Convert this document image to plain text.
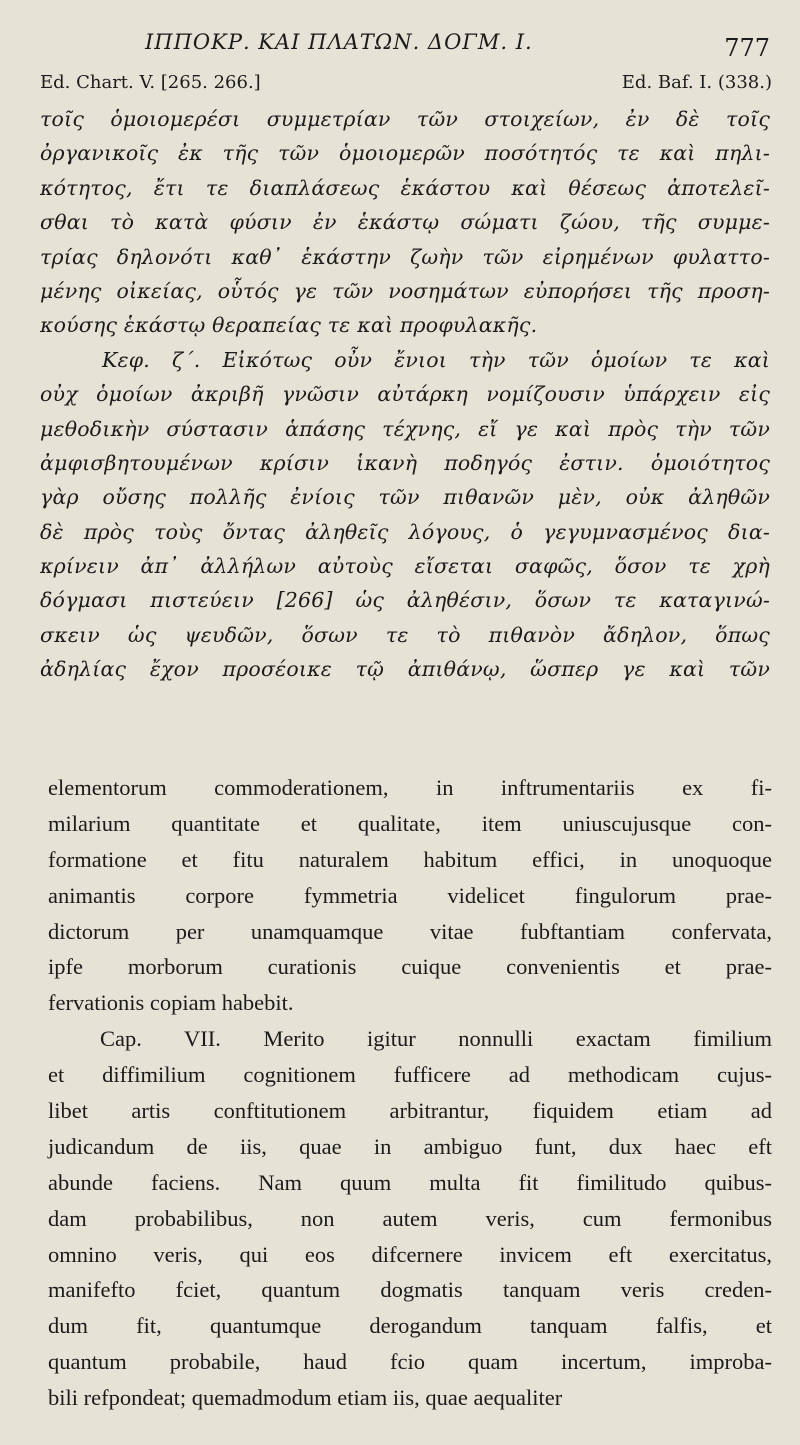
ΙΠΠΟΚΡ. ΚΑΙ ΠΛΑΤΩΝ. ΔΟΓΜ. Ι.	777
Ed. Chart. V. [265. 266.]	Ed. Baf. I. (338.)
τοῖς ὁμοιομερέσι συμμετρίαν τῶν στοιχείων, ἐν δὲ τοῖς
ὀργανικοῖς ἐκ τῆς τῶν ὁμοιομερῶν ποσότητός τε καὶ πηλι-
κότητος, ἔτι τε διαπλάσεως ἑκάστου καὶ θέσεως ἀποτελεῖ-
σθαι τὸ κατὰ φύσιν ἐν ἑκάστῳ σώματι ζώου, τῆς συμμε-
τρίας δηλονότι καθ᾿ ἑκάστην ζωὴν τῶν εἰρημένων φυλαττο-
μένης οἰκείας, οὗτός γε τῶν νοσημάτων εὐπορήσει τῆς προση-
κούσης ἑκάστῳ θεραπείας τε καὶ προφυλακῆς.
Κεφ. ζ΄. Εἰκότως οὖν ἔνιοι τὴν τῶν ὁμοίων τε καὶ
οὐχ ὁμοίων ἀκριβῆ γνῶσιν αὐτάρκη νομίζουσιν ὑπάρχειν εἰς
μεθοδικὴν σύστασιν ἁπάσης τέχνης, εἴ γε καὶ πρὸς τὴν τῶν
ἀμφισβητουμένων κρίσιν ἱκανὴ ποδηγός ἐστιν. ὁμοιότητος
γὰρ οὔσης πολλῆς ἐνίοις τῶν πιθανῶν μὲν, οὐκ ἀληθῶν
δὲ πρὸς τοὺς ὄντας ἀληθεῖς λόγους, ὁ γεγυμνασμένος δια-
κρίνειν ἀπ᾿ ἀλλήλων αὐτοὺς εἴσεται σαφῶς, ὅσον τε χρὴ
δόγμασι πιστεύειν [266] ὡς ἀληθέσιν, ὅσων τε καταγινώ-
σκειν ὡς ψευδῶν, ὅσων τε τὸ πιθανὸν ἄδηλον, ὅπως
ἀδηλίας ἔχον προσέοικε τῷ ἀπιθάνῳ, ὥσπερ γε καὶ τῶν
elementorum commoderationem, in inftrumentariis ex fi-
milarium quantitate et qualitate, item uniuscujusque con-
formatione et fitu naturalem habitum effici, in unoquoque
animantis corpore fymmetria videlicet fingulorum prae-
dictorum per unamquamque vitae fubftantiam confervata,
ipfe morborum curationis cuique convenientis et prae-
fervationis copiam habebit.
Cap. VII. Merito igitur nonnulli exactam fimilium
et diffimilium cognitionem fufficere ad methodicam cujus-
libet artis conftitutionem arbitrantur, fiquidem etiam ad
judicandum de iis, quae in ambiguo funt, dux haec eft
abunde faciens. Nam quum multa fit fimilitudo quibus-
dam probabilibus, non autem veris, cum fermonibus
omnino veris, qui eos difcernere invicem eft exercitatus,
manifefto fciet, quantum dogmatis tanquam veris creden-
dum fit, quantumque derogandum tanquam falfis, et
quantum probabile, haud fcio quam incertum, improba-
bili refpondeat; quemadmodum etiam iis, quae aequaliter
